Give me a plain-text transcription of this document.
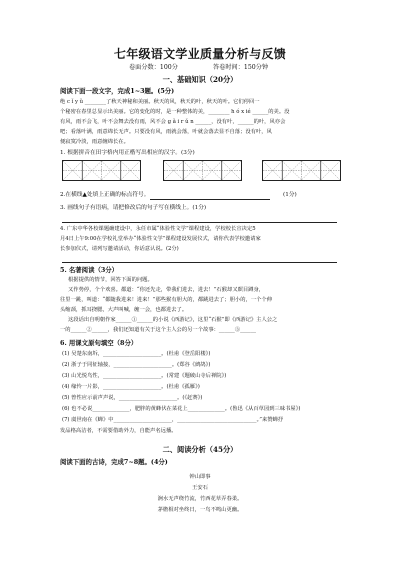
七年级语文学业质量分析与反馈
卷面分数：100分	答卷时间：150分钟
一、基础知识（20分）
阅读下面一段文字，完成1~3题。(5分)
绝 c ǐ y ǔ ________了秋天神秘和美丽。秋天的风，秋天的叶，秋天的叶。它们停回一
个秘密在春里总显示出美丽。它的变化的时，是一种整体的美，________ h ó x ié ______的美。没
有风，雨不会飞，叶不会舞去没有雨，风不会 ɡ ǎ i r ǔ n ______，没有叶，______的叶，风亦会
吧；看落叶满，雨意绵长无声。只要没有风，雨就会落，叶就会落去显不自落；没有叶，风
便寂寞冷淡，雨意缠绵长在。
1. 根据拼音在田字格内用正楷写出相应的汉字。(3分)
2.在横线▲处填上正确的标点符号。	(1分)
3. 画线句子有语病，请把修改后的句子写在横线上。(1分)
4. 广东中华各校课题确建设中，永任市属“体验性文学”课程建设，学校校长宣决定5
月4日上午9:00在学校礼堂举办“体验性文学”课程建设发展仪式，请你代表学校邀请家
长参加仪式，请列写邀请活动，你话意认说。(2分)
5. 名著阅读（3分）
根据提供的情节，回答下面的问题。
又作势停，个个欢喜。都道：“你还先走，带我们进去，进去！”石猴却又瞑目蹲身，
往里一跳，叫道：“都随我进来！进来！”那些猴有胆大的，都跳进去了；胆小的，一个个伸
头缩颈，抓耳挠腮，大声叫喊，缠一会，也都进去了。
这段话出自明朝作家______①______的小说《西游记》，这里“石猴”即《西游记》主人公之
一的______②______，我们还知道有关于这个主人公的另一个故事：______③______
6. 用课文原句填空（8分）
(1) 吴楚东南坼，______________________。(杜甫《登岳阳楼》)
(2) 浙子于同征轴接，______________________。(郑谷《鹧鸪》)
(3) 山光悦鸟性，______________________。(常建《题破山寺后禅院》)
(4) 缘怜一片影，______________________。(杜甫《孤雁》)
(5) 曾性应示前声声说，______________________。(《赶赛》)
(6) 也不必说______________，肥胖的黄蜂伏在菜花上______________。(鲁迅《从百草园到三味书屋》)
(7) 虞世南在《蝉》中______________________，______________________________。”来赞蝉抒
发品格高洁者，不需要借助外力，自能声名远播。
二、阅读分析（45分）
阅读下面的古诗，完成7~8题。(4分)
钟山即事
王安石
涧水无声绕竹流，竹西花草弄春柔。
茅檐相对坐终日，一鸟不鸣山更幽。
